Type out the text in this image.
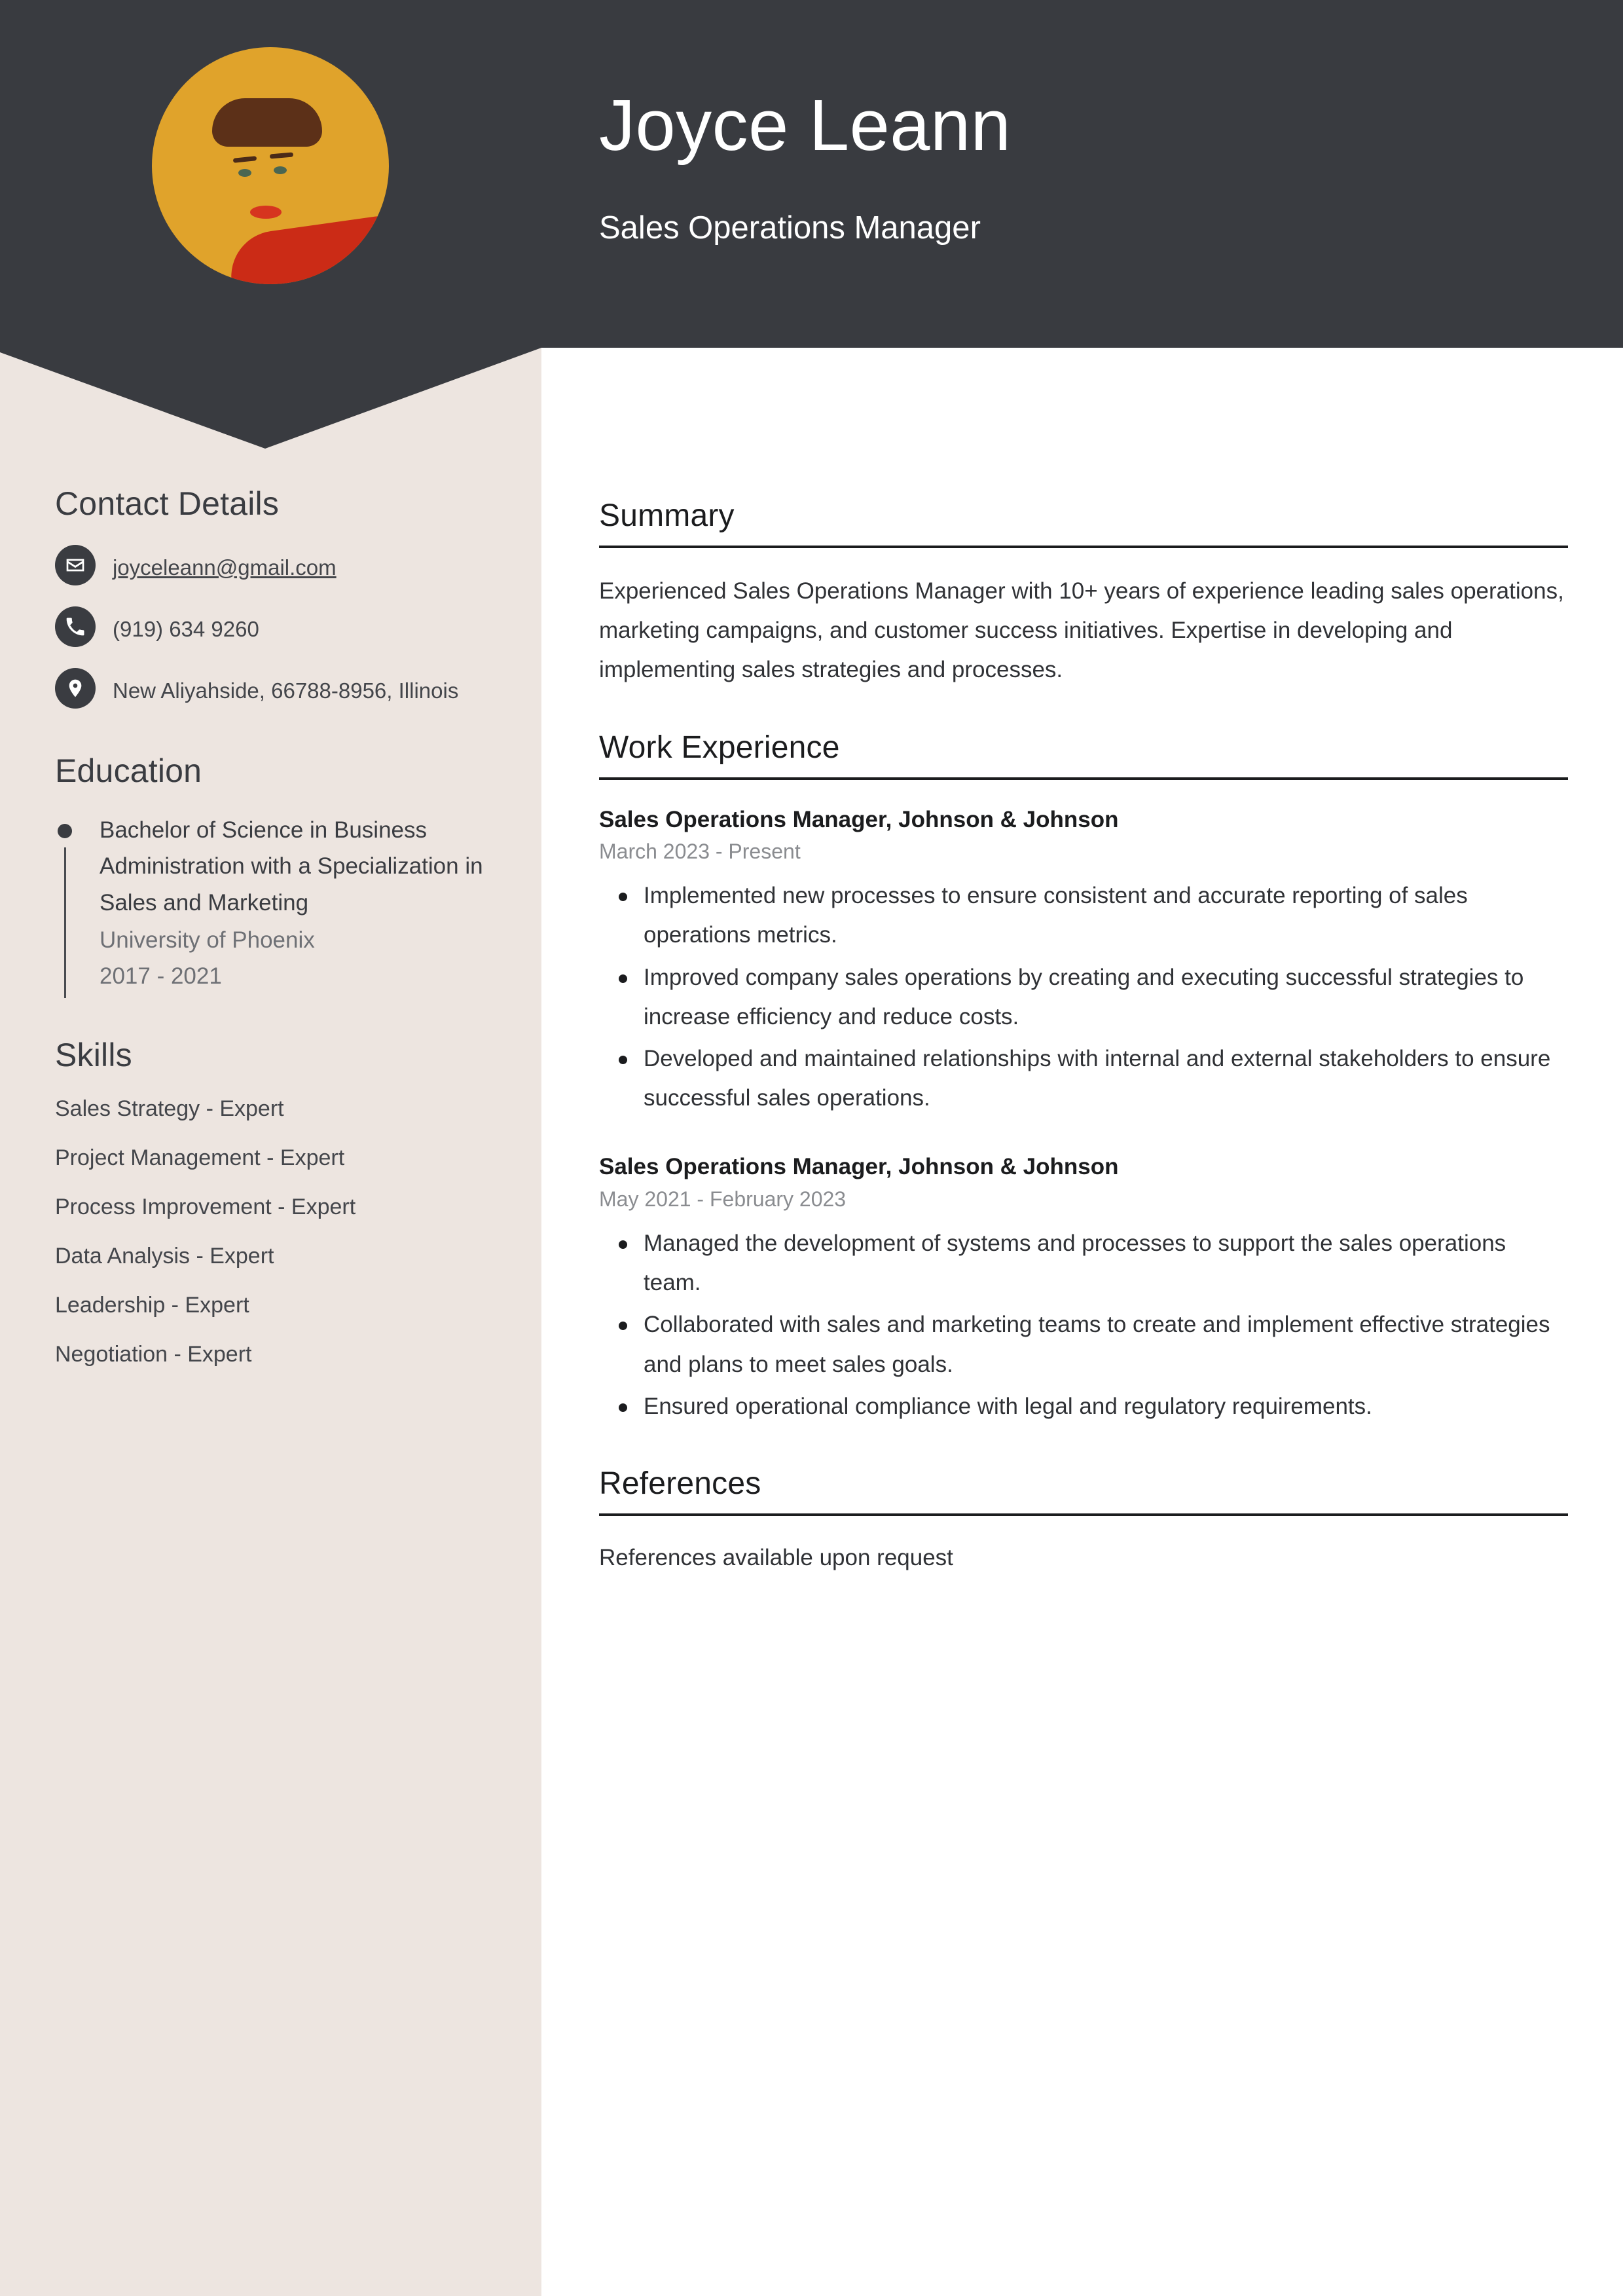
Joyce Leann
Sales Operations Manager
Contact Details
joyceleann@gmail.com
(919) 634 9260
New Aliyahside, 66788-8956, Illinois
Education
Bachelor of Science in Business Administration with a Specialization in Sales and Marketing
University of Phoenix
2017 - 2021
Skills
Sales Strategy - Expert
Project Management - Expert
Process Improvement - Expert
Data Analysis - Expert
Leadership - Expert
Negotiation - Expert
Summary
Experienced Sales Operations Manager with 10+ years of experience leading sales operations, marketing campaigns, and customer success initiatives. Expertise in developing and implementing sales strategies and processes.
Work Experience
Sales Operations Manager, Johnson & Johnson
March 2023 - Present
Implemented new processes to ensure consistent and accurate reporting of sales operations metrics.
Improved company sales operations by creating and executing successful strategies to increase efficiency and reduce costs.
Developed and maintained relationships with internal and external stakeholders to ensure successful sales operations.
Sales Operations Manager, Johnson & Johnson
May 2021 - February 2023
Managed the development of systems and processes to support the sales operations team.
Collaborated with sales and marketing teams to create and implement effective strategies and plans to meet sales goals.
Ensured operational compliance with legal and regulatory requirements.
References
References available upon request
